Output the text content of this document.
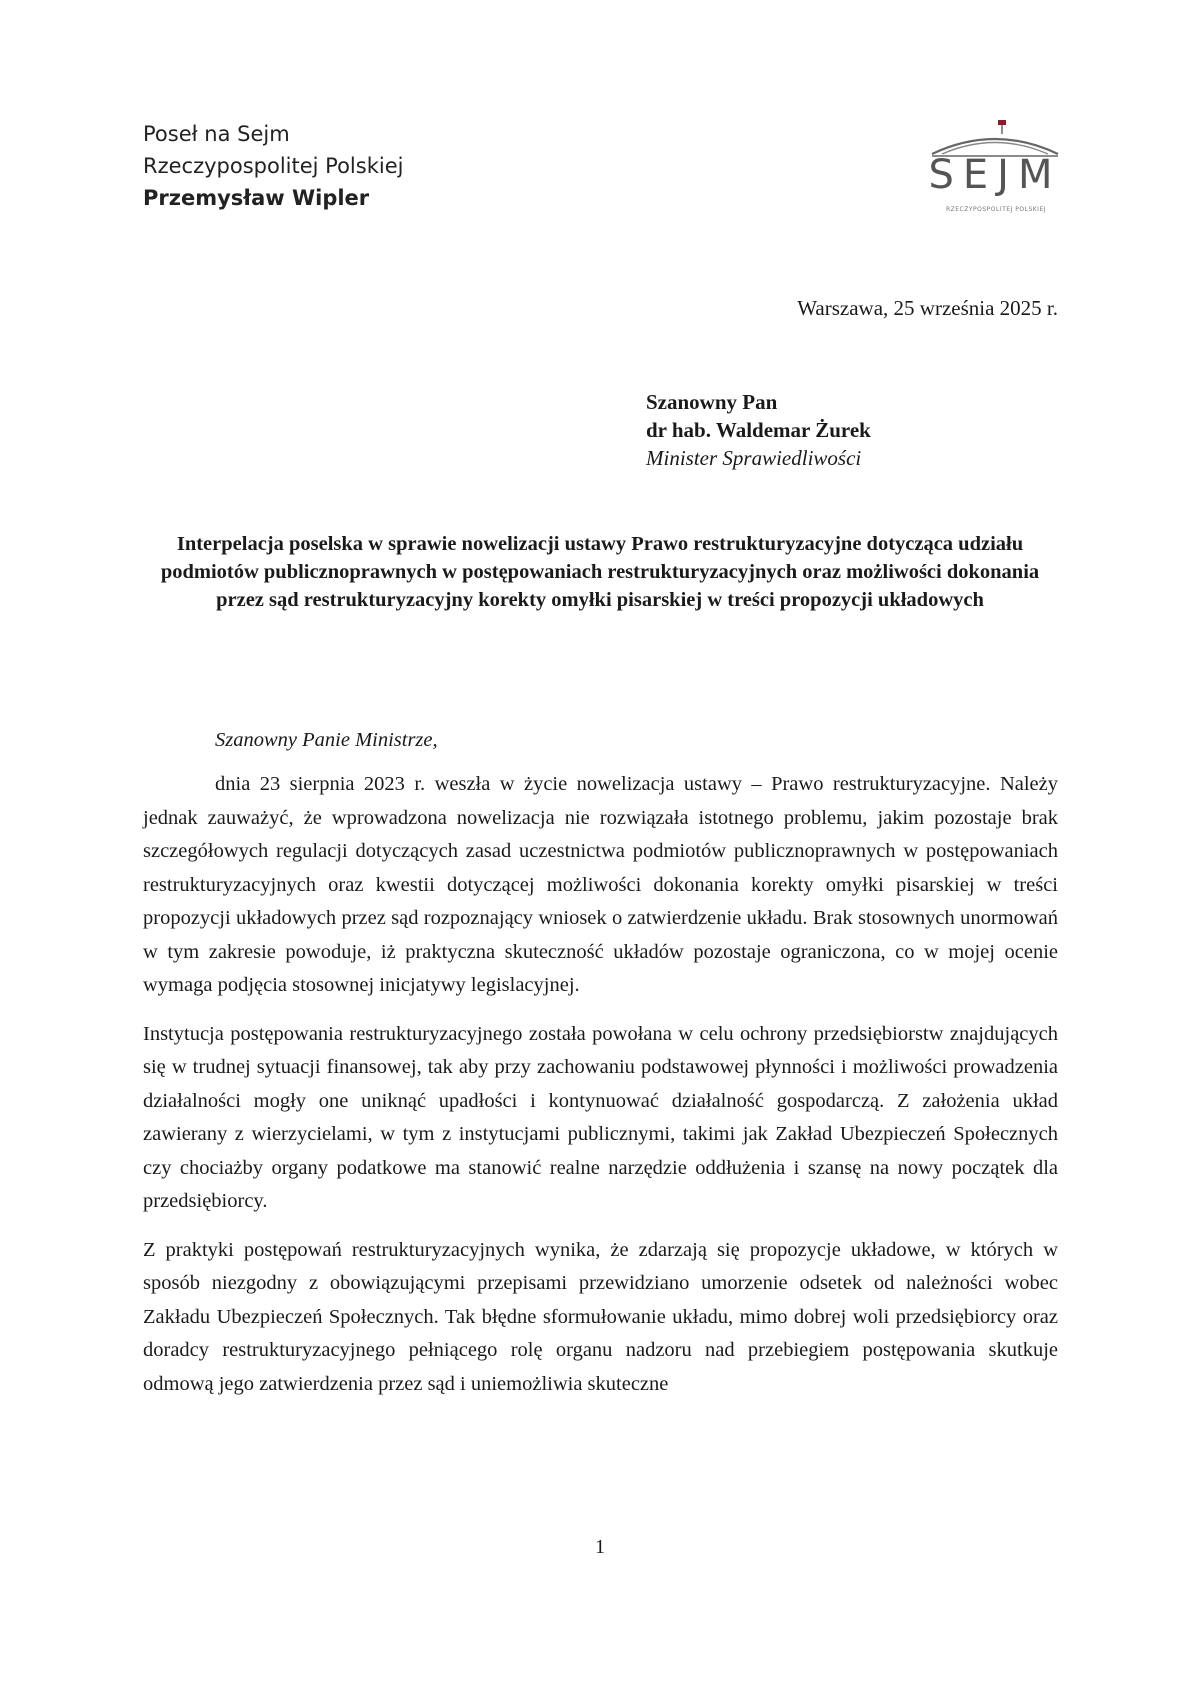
Poseł na Sejm
Rzeczypospolitej Polskiej
Przemysław Wipler	SEJM
RZECZYPOSPOLITEJ POLSKIEJ
Warszawa, 25 września 2025 r.
Szanowny Pan
dr hab. Waldemar Żurek
Minister Sprawiedliwości
Interpelacja poselska w sprawie nowelizacji ustawy Prawo restrukturyzacyjne dotycząca udziału podmiotów publicznoprawnych w postępowaniach restrukturyzacyjnych oraz możliwości dokonania przez sąd restrukturyzacyjny korekty omyłki pisarskiej w treści propozycji układowych
Szanowny Panie Ministrze,

dnia 23 sierpnia 2023 r. weszła w życie nowelizacja ustawy – Prawo restrukturyzacyjne. Należy jednak zauważyć, że wprowadzona nowelizacja nie rozwiązała istotnego problemu, jakim pozostaje brak szczegółowych regulacji dotyczących zasad uczestnictwa podmiotów publicznoprawnych w postępowaniach restrukturyzacyjnych oraz kwestii dotyczącej możliwości dokonania korekty omyłki pisarskiej w treści propozycji układowych przez sąd rozpoznający wniosek o zatwierdzenie układu. Brak stosownych unormowań w tym zakresie powoduje, iż praktyczna skuteczność układów pozostaje ograniczona, co w mojej ocenie wymaga podjęcia stosownej inicjatywy legislacyjnej.

Instytucja postępowania restrukturyzacyjnego została powołana w celu ochrony przedsiębiorstw znajdujących się w trudnej sytuacji finansowej, tak aby przy zachowaniu podstawowej płynności i możliwości prowadzenia działalności mogły one uniknąć upadłości i kontynuować działalność gospodarczą. Z założenia układ zawierany z wierzycielami, w tym z instytucjami publicznymi, takimi jak Zakład Ubezpieczeń Społecznych czy chociażby organy podatkowe ma stanowić realne narzędzie oddłużenia i szansę na nowy początek dla przedsiębiorcy.

Z praktyki postępowań restrukturyzacyjnych wynika, że zdarzają się propozycje układowe, w których w sposób niezgodny z obowiązującymi przepisami przewidziano umorzenie odsetek od należności wobec Zakładu Ubezpieczeń Społecznych. Tak błędne sformułowanie układu, mimo dobrej woli przedsiębiorcy oraz doradcy restrukturyzacyjnego pełniącego rolę organu nadzoru nad przebiegiem postępowania skutkuje odmową jego zatwierdzenia przez sąd i uniemożliwia skuteczne

1
